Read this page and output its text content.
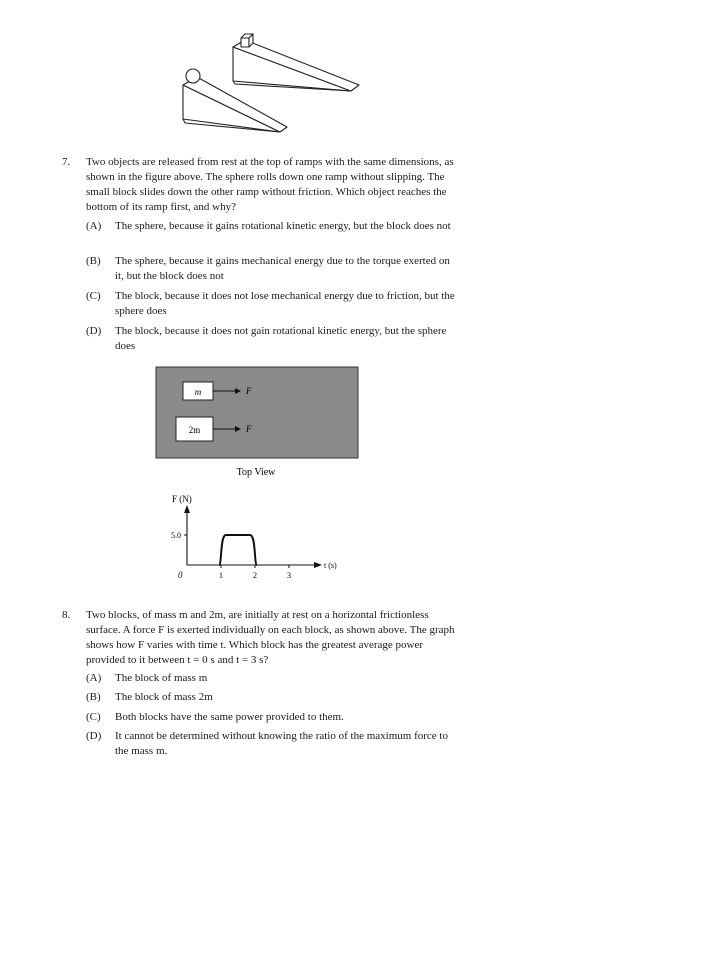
7. Two objects are released from rest at the top of ramps with the same dimensions, as shown in the figure above. The sphere rolls down one ramp without slipping. The small block slides down the other ramp without friction. Which object reaches the bottom of its ramp first, and why?
(A) The sphere, because it gains rotational kinetic energy, but the block does not
(B) The sphere, because it gains mechanical energy due to the torque exerted on it, but the block does not
(C) The block, because it does not lose mechanical energy due to friction, but the sphere does
(D) The block, because it does not gain rotational kinetic energy, but the sphere does
m	F
2m	F
Top View
F (N)
t (s)
5.0
0	1	2	3
8. Two blocks, of mass m and 2m, are initially at rest on a horizontal frictionless surface. A force F is exerted individually on each block, as shown above. The graph shows how F varies with time t. Which block has the greatest average power provided to it between t = 0 s and t = 3 s?
(A) The block of mass m
(B) The block of mass 2m
(C) Both blocks have the same power provided to them.
(D) It cannot be determined without knowing the ratio of the maximum force to the mass m.
